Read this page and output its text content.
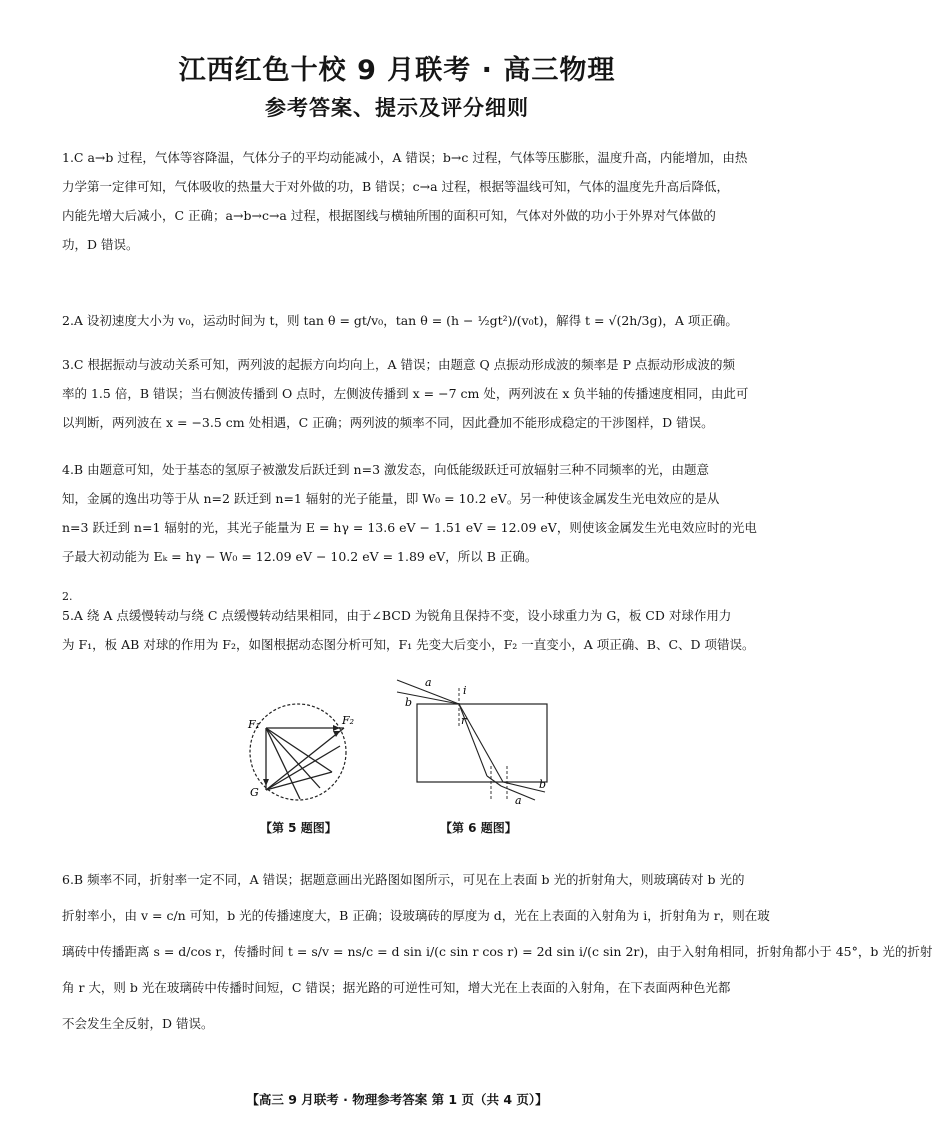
江西红色十校 9 月联考 · 高三物理
参考答案、提示及评分细则
1.C a→b 过程，气体等容降温，气体分子的平均动能减小，A 错误；b→c 过程，气体等压膨胀，温度升高，内能增加，由热
力学第一定律可知，气体吸收的热量大于对外做的功，B 错误；c→a 过程，根据等温线可知，气体的温度先升高后降低，
内能先增大后减小，C 正确；a→b→c→a 过程，根据图线与横轴所围的面积可知，气体对外做的功小于外界对气体做的
功，D 错误。
2.A 设初速度大小为 v₀，运动时间为 t，则 tan θ = gt/v₀，tan θ = (h − ½gt²)/(v₀t)，解得 t = √(2h/3g)，A 项正确。
3.C 根据振动与波动关系可知，两列波的起振方向均向上，A 错误；由题意 Q 点振动形成波的频率是 P 点振动形成波的频
率的 1.5 倍，B 错误；当右侧波传播到 O 点时，左侧波传播到 x = −7 cm 处，两列波在 x 负半轴的传播速度相同，由此可
以判断，两列波在 x = −3.5 cm 处相遇，C 正确；两列波的频率不同，因此叠加不能形成稳定的干涉图样，D 错误。
4.B 由题意可知，处于基态的氢原子被激发后跃迁到 n=3 激发态，向低能级跃迁可放辐射三种不同频率的光，由题意
知，金属的逸出功等于从 n=2 跃迁到 n=1 辐射的光子能量，即 W₀ = 10.2 eV。另一种使该金属发生光电效应的是从
n=3 跃迁到 n=1 辐射的光，其光子能量为 E = hγ = 13.6 eV − 1.51 eV = 12.09 eV，则使该金属发生光电效应时的光电
子最大初动能为 Eₖ = hγ − W₀ = 12.09 eV − 10.2 eV = 1.89 eV，所以 B 正确。
2.
5.A 绕 A 点缓慢转动与绕 C 点缓慢转动结果相同，由于∠BCD 为锐角且保持不变，设小球重力为 G，板 CD 对球作用力
为 F₁，板 AB 对球的作用为 F₂，如图根据动态图分析可知，F₁ 先变大后变小，F₂ 一直变小，A 项正确、B、C、D 项错误。
F₁	F₂
G
【第 5 题图】
a
b
i
r
a
b
【第 6 题图】
6.B 频率不同，折射率一定不同，A 错误；据题意画出光路图如图所示，可见在上表面 b 光的折射角大，则玻璃砖对 b 光的
折射率小，由 v = c/n 可知，b 光的传播速度大，B 正确；设玻璃砖的厚度为 d，光在上表面的入射角为 i，折射角为 r，则在玻
璃砖中传播距离 s = d/cos r，传播时间 t = s/v = ns/c = d sin i/(c sin r cos r) = 2d sin i/(c sin 2r)，由于入射角相同，折射角都小于 45°，b 光的折射
角 r 大，则 b 光在玻璃砖中传播时间短，C 错误；据光路的可逆性可知，增大光在上表面的入射角，在下表面两种色光都
不会发生全反射，D 错误。
【高三 9 月联考 · 物理参考答案 第 1 页（共 4 页）】
